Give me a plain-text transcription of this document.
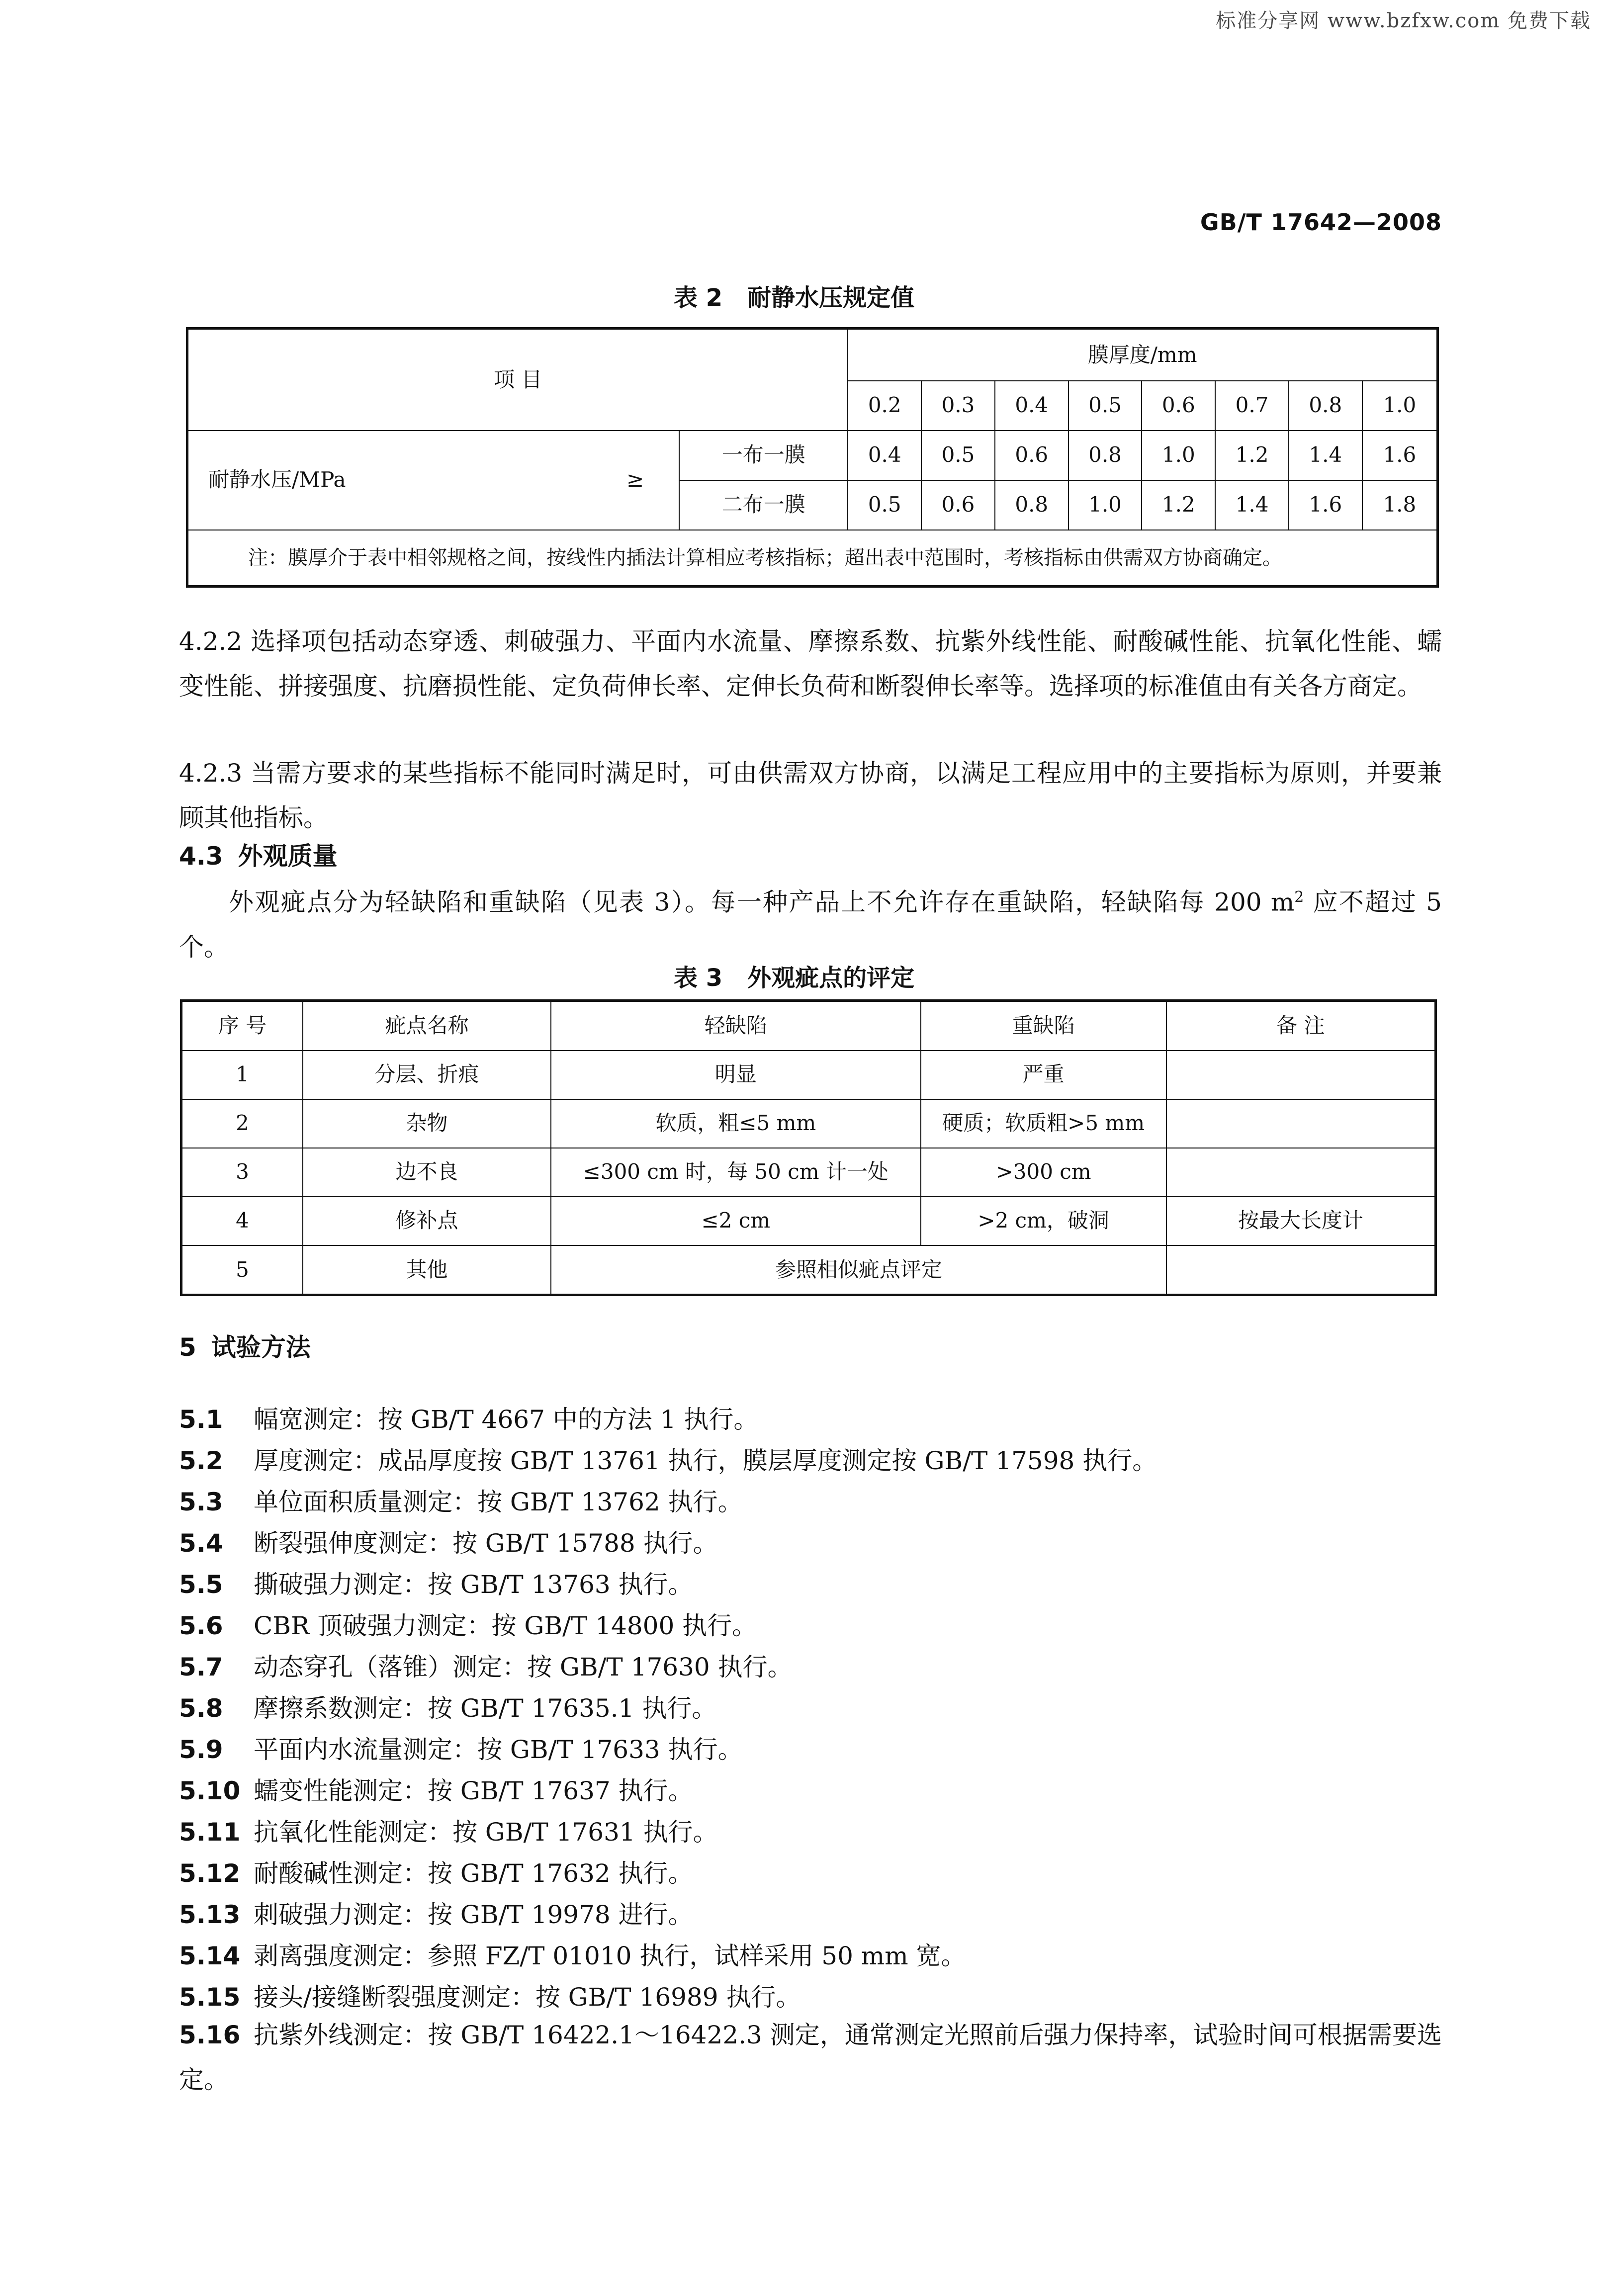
标准分享网 www.bzfxw.com 免费下载
GB/T 17642—2008
表 2 耐静水压规定值
项 目		膜厚度/mm							
		0.2	0.3	0.4	0.5	0.6	0.7	0.8	1.0
耐静水压/MPa ≥	一布一膜	0.4	0.5	0.6	0.8	1.0	1.2	1.4	1.6
	二布一膜	0.5	0.6	0.8	1.0	1.2	1.4	1.6	1.8
注：膜厚介于表中相邻规格之间，按线性内插法计算相应考核指标；超出表中范围时，考核指标由供需双方协商确定。									
4.2.2 选择项包括动态穿透、刺破强力、平面内水流量、摩擦系数、抗紫外线性能、耐酸碱性能、抗氧化性能、蠕变性能、拼接强度、抗磨损性能、定负荷伸长率、定伸长负荷和断裂伸长率等。选择项的标准值由有关各方商定。
4.2.3 当需方要求的某些指标不能同时满足时，可由供需双方协商，以满足工程应用中的主要指标为原则，并要兼顾其他指标。
4.3 外观质量
外观疵点分为轻缺陷和重缺陷（见表 3）。每一种产品上不允许存在重缺陷，轻缺陷每 200 $m^2$ 应不超过 5 个。
表 3 外观疵点的评定
序 号	疵点名称	轻缺陷	重缺陷	备 注
1	分层、折痕	明显	严重	
2	杂物	软质，粗≤5 mm	硬质；软质粗>5 mm	
3	边不良	≤300 cm 时，每 50 cm 计一处	>300 cm	
4	修补点	≤2 cm	>2 cm，破洞	按最大长度计
5	其他	参照相似疵点评定		
5 试验方法
5.1 幅宽测定：按 GB/T 4667 中的方法 1 执行。
5.2 厚度测定：成品厚度按 GB/T 13761 执行，膜层厚度测定按 GB/T 17598 执行。
5.3 单位面积质量测定：按 GB/T 13762 执行。
5.4 断裂强伸度测定：按 GB/T 15788 执行。
5.5 撕破强力测定：按 GB/T 13763 执行。
5.6 CBR 顶破强力测定：按 GB/T 14800 执行。
5.7 动态穿孔（落锥）测定：按 GB/T 17630 执行。
5.8 摩擦系数测定：按 GB/T 17635.1 执行。
5.9 平面内水流量测定：按 GB/T 17633 执行。
5.10 蠕变性能测定：按 GB/T 17637 执行。
5.11 抗氧化性能测定：按 GB/T 17631 执行。
5.12 耐酸碱性测定：按 GB/T 17632 执行。
5.13 刺破强力测定：按 GB/T 19978 进行。
5.14 剥离强度测定：参照 FZ/T 01010 执行，试样采用 50 mm 宽。
5.15 接头/接缝断裂强度测定：按 GB/T 16989 执行。
5.16 抗紫外线测定：按 GB/T 16422.1～16422.3 测定，通常测定光照前后强力保持率，试验时间可根据需要选定。
